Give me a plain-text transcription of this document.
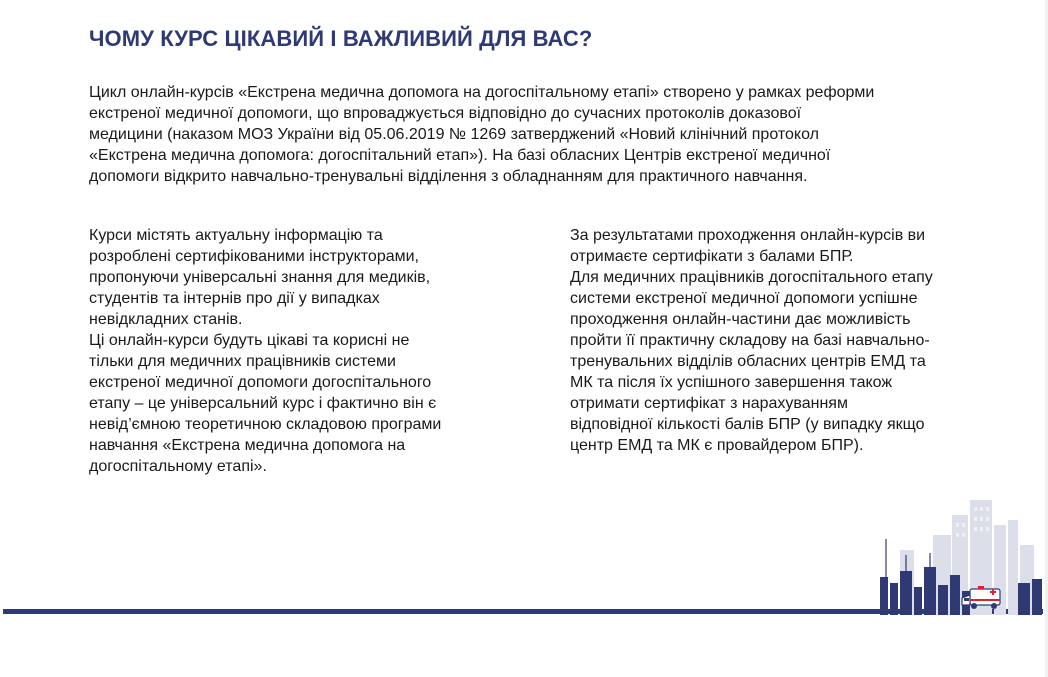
ЧОМУ КУРС ЦІКАВИЙ І ВАЖЛИВИЙ ДЛЯ ВАС?

Цикл онлайн-курсів «Екстрена медична допомога на догоспітальному етапі» створено у рамках реформи
екстреної медичної допомоги, що впроваджується відповідно до сучасних протоколів доказової
медицини (наказом МОЗ України від 05.06.2019 № 1269 затверджений «Новий клінічний протокол
«Екстрена медична допомога: догоспітальний етап»). На базі обласних Центрів екстреної медичної
допомоги відкрито навчально-тренувальні відділення з обладнанням для практичного навчання.

Курси містять актуальну інформацію та
розроблені сертифікованими інструкторами,
пропонуючи універсальні знання для медиків,
студентів та інтернів про дії у випадках
невідкладних станів.
Ці онлайн-курси будуть цікаві та корисні не
тільки для медичних працівників системи
екстреної медичної допомоги догоспітального
етапу – це універсальний курс і фактично він є
невід’ємною теоретичною складовою програми
навчання «Екстрена медична допомога на
догоспітальному етапі».
За результатами проходження онлайн-курсів ви
отримаєте сертифікати з балами БПР.
Для медичних працівників догоспітального етапу
системи екстреної медичної допомоги успішне
проходження онлайн-частини дає можливість
пройти її практичну складову на базі навчально-
тренувальних відділів обласних центрів ЕМД та
МК та після їх успішного завершення також
отримати сертифікат з нарахуванням
відповідної кількості балів БПР (у випадку якщо
центр ЕМД та МК є провайдером БПР).
